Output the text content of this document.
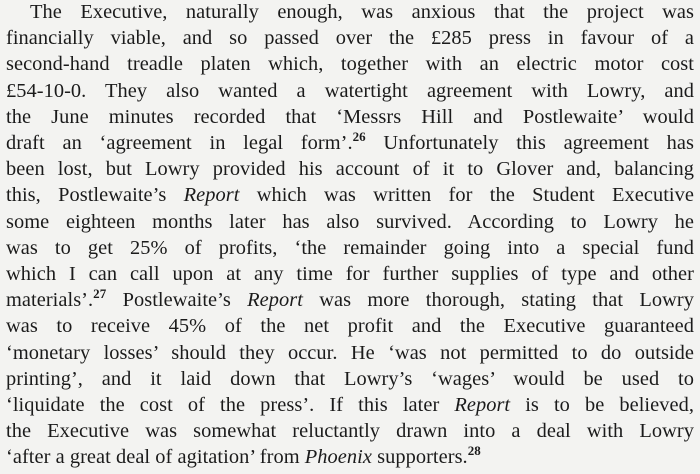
The Executive, naturally enough, was anxious that the project was
financially viable, and so passed over the £285 press in favour of a
second-hand treadle platen which, together with an electric motor cost
£54-10-0. They also wanted a watertight agreement with Lowry, and
the June minutes recorded that ‘Messrs Hill and Postlewaite’ would
draft an ‘agreement in legal form’.$^{26}$ Unfortunately this agreement has
been lost, but Lowry provided his account of it to Glover and, balancing
this, Postlewaite’s Report which was written for the Student Executive
some eighteen months later has also survived. According to Lowry he
was to get 25% of profits, ‘the remainder going into a special fund
which I can call upon at any time for further supplies of type and other
materials’.$^{27}$ Postlewaite’s Report was more thorough, stating that Lowry
was to receive 45% of the net profit and the Executive guaranteed
‘monetary losses’ should they occur. He ‘was not permitted to do outside
printing’, and it laid down that Lowry’s ‘wages’ would be used to
‘liquidate the cost of the press’. If this later Report is to be believed,
the Executive was somewhat reluctantly drawn into a deal with Lowry
‘after a great deal of agitation’ from Phoenix supporters.$^{28}$
